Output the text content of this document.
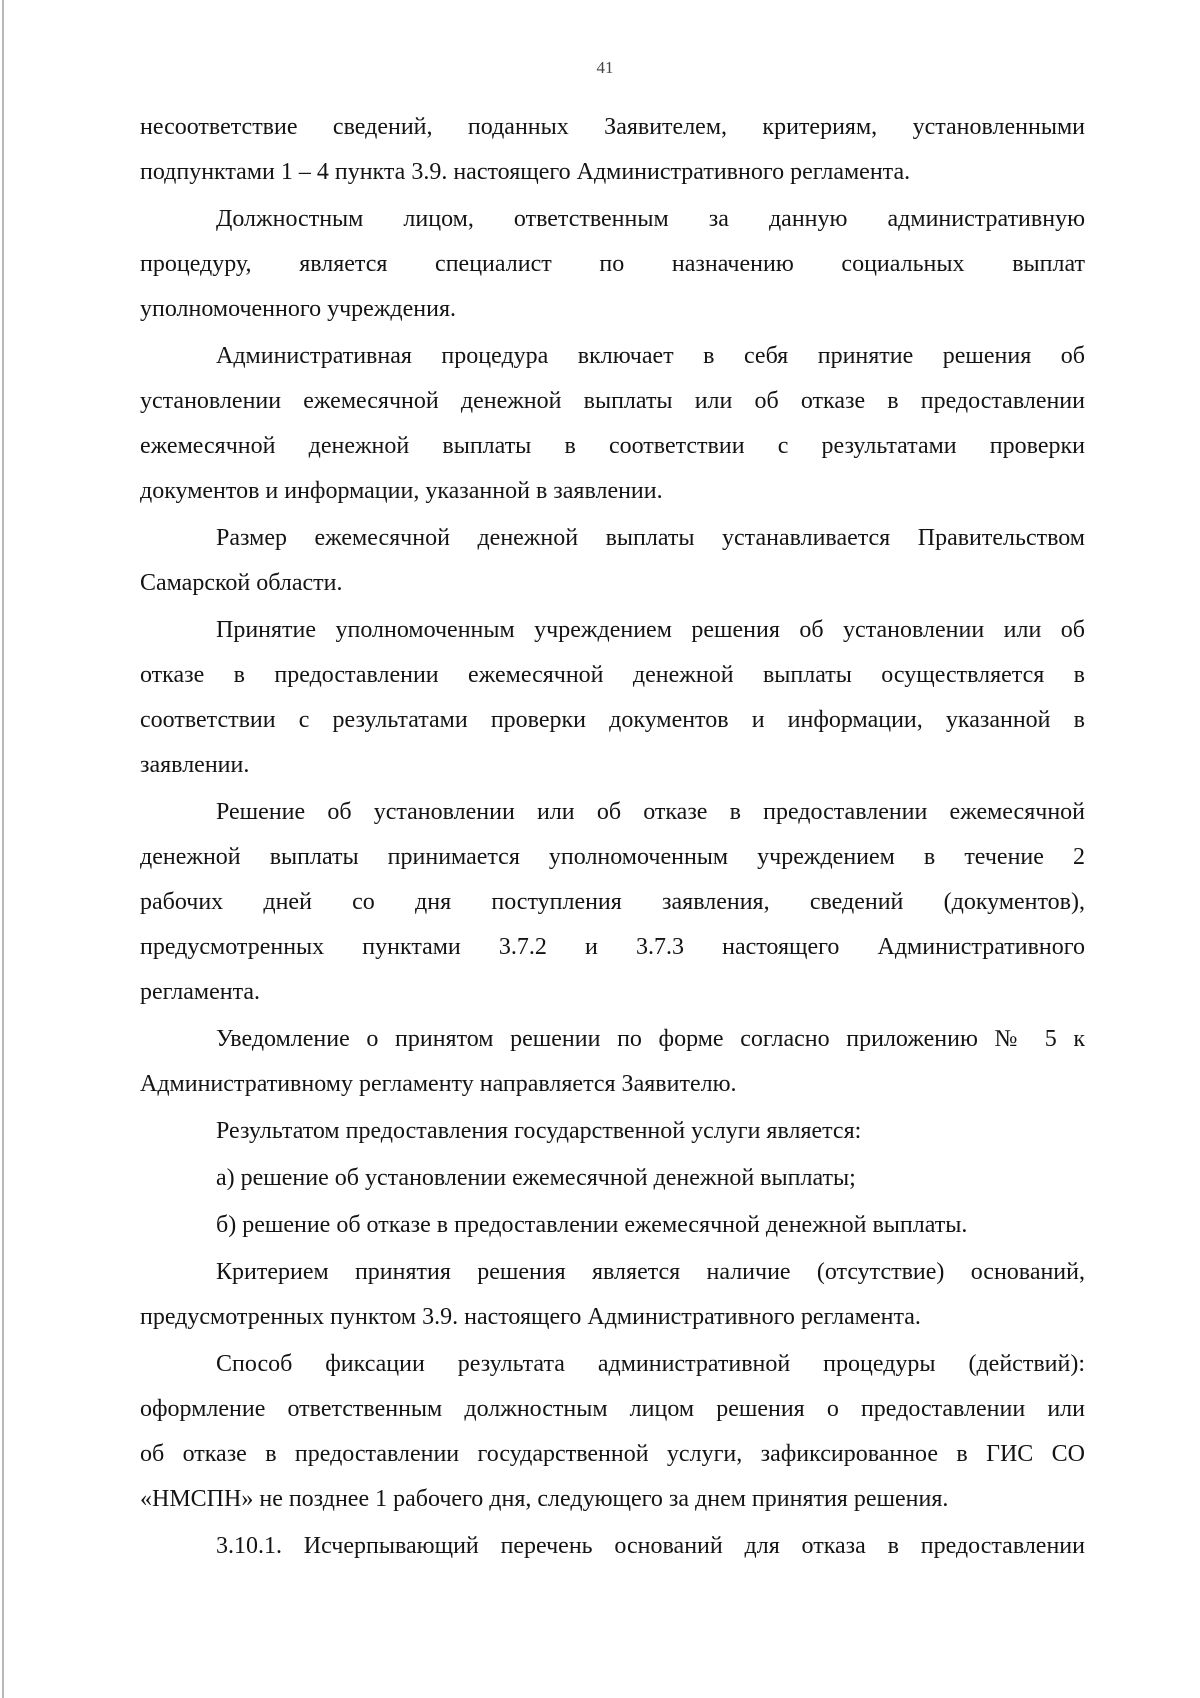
41
несоответствие сведений, поданных Заявителем, критериям, установленными
подпунктами 1 – 4 пункта 3.9. настоящего Административного регламента.
Должностным лицом, ответственным за данную административную
процедуру, является специалист по назначению социальных выплат
уполномоченного учреждения.
Административная процедура включает в себя принятие решения об
установлении ежемесячной денежной выплаты или об отказе в предоставлении
ежемесячной денежной выплаты в соответствии с результатами проверки
документов и информации, указанной в заявлении.
Размер ежемесячной денежной выплаты устанавливается Правительством
Самарской области.
Принятие уполномоченным учреждением решения об установлении или об
отказе в предоставлении ежемесячной денежной выплаты осуществляется в
соответствии с результатами проверки документов и информации, указанной в
заявлении.
Решение об установлении или об отказе в предоставлении ежемесячной
денежной выплаты принимается уполномоченным учреждением в течение 2
рабочих дней со дня поступления заявления, сведений (документов),
предусмотренных пунктами 3.7.2 и 3.7.3 настоящего Административного
регламента.
Уведомление о принятом решении по форме согласно приложению № 5 к
Административному регламенту направляется Заявителю.
Результатом предоставления государственной услуги является:
а) решение об установлении ежемесячной денежной выплаты;
б) решение об отказе в предоставлении ежемесячной денежной выплаты.
Критерием принятия решения является наличие (отсутствие) оснований,
предусмотренных пунктом 3.9. настоящего Административного регламента.
Способ фиксации результата административной процедуры (действий):
оформление ответственным должностным лицом решения о предоставлении или
об отказе в предоставлении государственной услуги, зафиксированное в ГИС СО
«НМСПН» не позднее 1 рабочего дня, следующего за днем принятия решения.
3.10.1. Исчерпывающий перечень оснований для отказа в предоставлении
